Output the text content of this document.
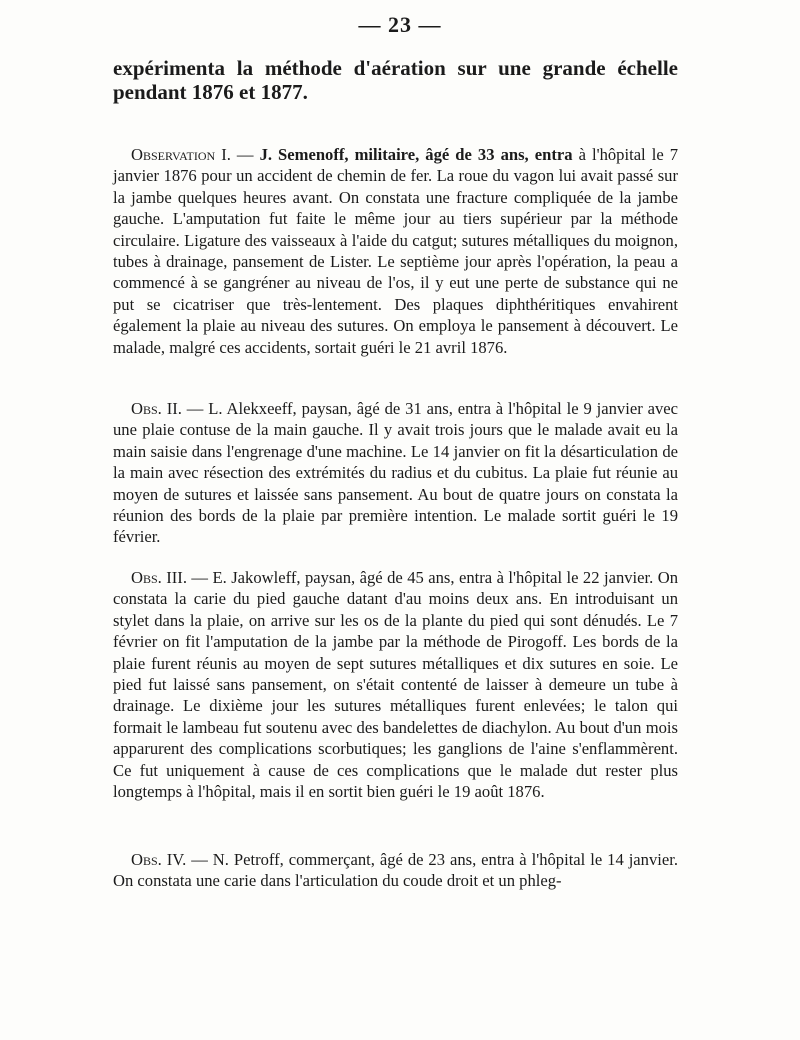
— 23 —
expérimenta la méthode d'aération sur une grande échelle pendant 1876 et 1877.
Observation I. — J. Semenoff, militaire, âgé de 33 ans, entra à l'hôpital le 7 janvier 1876 pour un accident de chemin de fer. La roue du vagon lui avait passé sur la jambe quelques heures avant. On constata une fracture compliquée de la jambe gauche. L'amputation fut faite le même jour au tiers supérieur par la méthode circulaire. Ligature des vaisseaux à l'aide du catgut; sutures métalliques du moignon, tubes à drainage, pansement de Lister. Le septième jour après l'opération, la peau a commencé à se gangréner au niveau de l'os, il y eut une perte de substance qui ne put se cicatriser que très-lentement. Des plaques diphthéritiques envahirent également la plaie au niveau des sutures. On employa le pansement à découvert. Le malade, malgré ces accidents, sortait guéri le 21 avril 1876.
Obs. II. — L. Alekxeeff, paysan, âgé de 31 ans, entra à l'hôpital le 9 janvier avec une plaie contuse de la main gauche. Il y avait trois jours que le malade avait eu la main saisie dans l'engrenage d'une machine. Le 14 janvier on fit la désarticulation de la main avec résection des extrémités du radius et du cubitus. La plaie fut réunie au moyen de sutures et laissée sans pansement. Au bout de quatre jours on constata la réunion des bords de la plaie par première intention. Le malade sortit guéri le 19 février.
Obs. III. — E. Jakowleff, paysan, âgé de 45 ans, entra à l'hôpital le 22 janvier. On constata la carie du pied gauche datant d'au moins deux ans. En introduisant un stylet dans la plaie, on arrive sur les os de la plante du pied qui sont dénudés. Le 7 février on fit l'amputation de la jambe par la méthode de Pirogoff. Les bords de la plaie furent réunis au moyen de sept sutures métalliques et dix sutures en soie. Le pied fut laissé sans pansement, on s'était contenté de laisser à demeure un tube à drainage. Le dixième jour les sutures métalliques furent enlevées; le talon qui formait le lambeau fut soutenu avec des bandelettes de diachylon. Au bout d'un mois apparurent des complications scorbutiques; les ganglions de l'aine s'enflammèrent. Ce fut uniquement à cause de ces complications que le malade dut rester plus longtemps à l'hôpital, mais il en sortit bien guéri le 19 août 1876.
Obs. IV. — N. Petroff, commerçant, âgé de 23 ans, entra à l'hôpital le 14 janvier. On constata une carie dans l'articulation du coude droit et un phleg-
